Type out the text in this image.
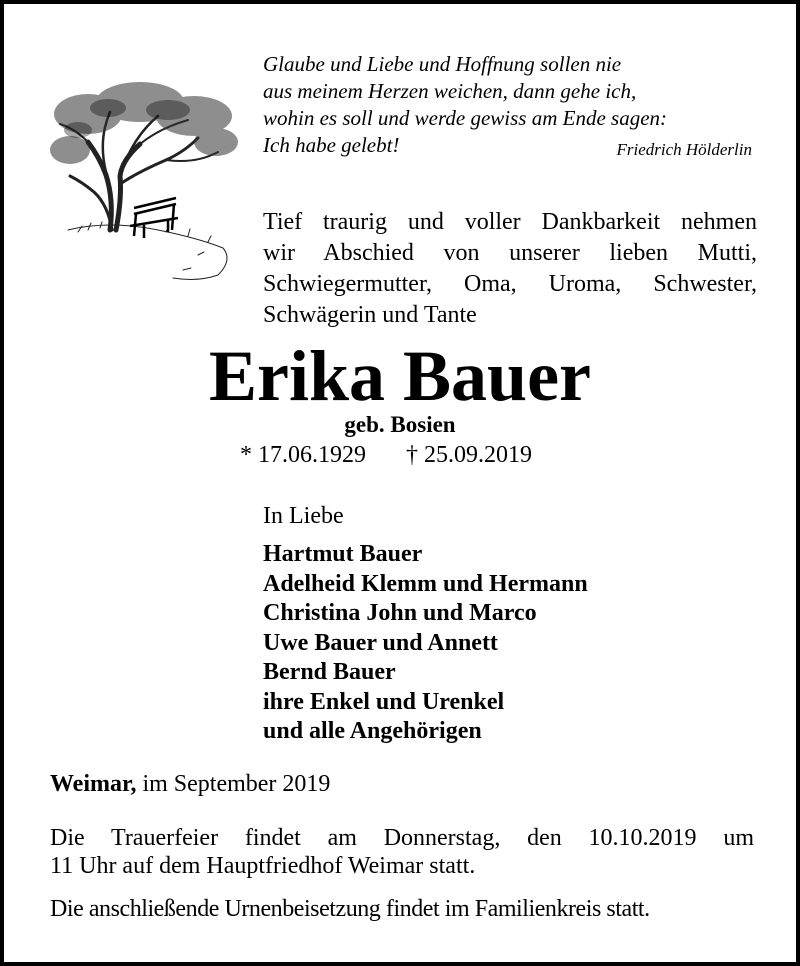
Glaube und Liebe und Hoffnung sollen nie
aus meinem Herzen weichen, dann gehe ich,
wohin es soll und werde gewiss am Ende sagen:
Ich habe gelebt!	Friedrich Hölderlin
Tief traurig und voller Dankbarkeit nehmen
wir Abschied von unserer lieben Mutti,
Schwiegermutter, Oma, Uroma, Schwester,
Schwägerin und Tante
Erika Bauer
geb. Bosien
* 17.06.1929 † 25.09.2019
In Liebe
Hartmut Bauer
Adelheid Klemm und Hermann
Christina John und Marco
Uwe Bauer und Annett
Bernd Bauer
ihre Enkel und Urenkel
und alle Angehörigen
Weimar, im September 2019
Die Trauerfeier findet am Donnerstag, den 10.10.2019 um
11 Uhr auf dem Hauptfriedhof Weimar statt.
Die anschließende Urnenbeisetzung findet im Familienkreis statt.
